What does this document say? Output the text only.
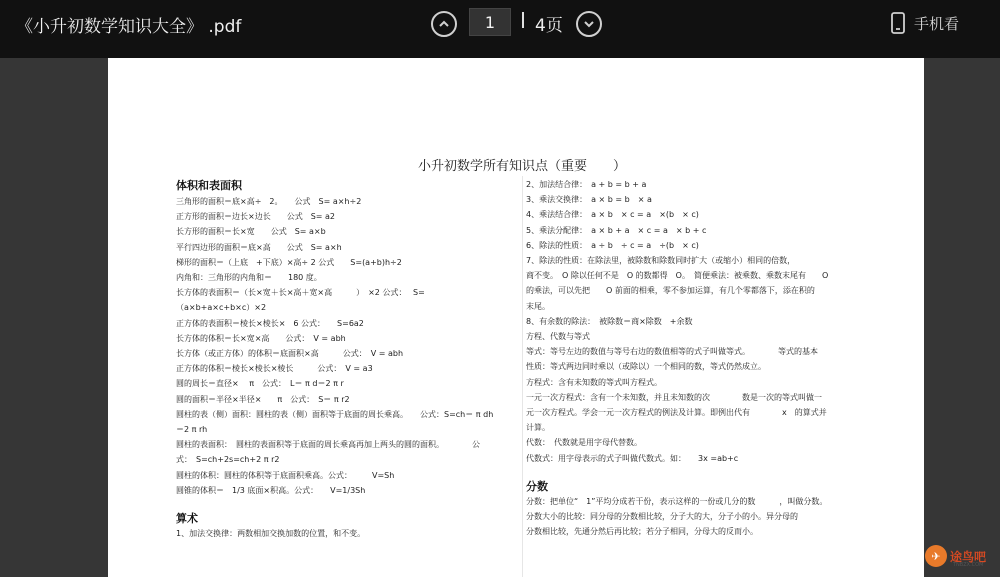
《小升初数学知识大全》 .pdf
1	4页	手机看
小升初数学所有知识点（重要　　）
体积和表面积
三角形的面积＝底×高÷　2。　　公式　S= a×h÷2
正方形的面积＝边长×边长　　公式　S= a2
长方形的面积＝长×宽　　公式　S= a×b
平行四边形的面积＝底×高　　公式　S= a×h
梯形的面积＝（上底　+下底）×高÷ 2 公式　　S=(a+b)h÷2
内角和：三角形的内角和＝　　180 度。
长方体的表面积＝（长×宽＋长×高＋宽×高　　　）　×2 公式：　 S=
（a×b+a×c+b×c）×2
正方体的表面积＝棱长×棱长×　6 公式：　　S=6a2
长方体的体积＝长×宽×高　　公式：　V = abh
长方体（或正方体）的体积＝底面积×高　　　公式：　V = abh
正方体的体积＝棱长×棱长×棱长　　　公式：　V = a3
圆的周长＝直径×　 π　公式：　L＝ π d＝2 π r
圆的面积＝半径×半径×　　π　公式：　S＝ π r2
圆柱的表（侧）面积：圆柱的表（侧）面积等于底面的周长乘高。　　公式：S=ch＝ π dh
＝2 π rh
圆柱的表面积：　圆柱的表面积等于底面的周长乘高再加上两头的圆的面积。　　　　公
式：　S=ch+2s=ch+2 π r2
圆柱的体积：圆柱的体积等于底面积乘高。公式：　　　V=Sh
圆锥的体积＝　1/3 底面×积高。公式：　　V=1/3Sh
算术
1、加法交换律：两数相加交换加数的位置，和不变。
2、加法结合律：　a + b = b + a
3、乘法交换律：　a × b = b　× a
4、乘法结合律：　a × b　× c = a　×(b　× c)
5、乘法分配律：　a × b + a　× c = a　× b + c
6、除法的性质：　a ÷ b　÷ c = a　÷(b　× c)
7、除法的性质：在除法里，被除数和除数同时扩大（或缩小）相同的倍数，
商不变。　O 除以任何不是　O 的数都得　O。　简便乘法：被乘数、乘数末尾有　　O
的乘法，可以先把　　O 前面的相乘，零不参加运算，有几个零都落下，添在积的
末尾。
8、有余数的除法：　被除数＝商×除数　+余数
方程、代数与等式
等式：等号左边的数值与等号右边的数值相等的式子叫做等式。　　　　等式的基本
性质：等式两边同时乘以（或除以）一个相同的数，等式仍然成立。
方程式：含有未知数的等式叫方程式。
一元一次方程式：含有一个未知数，并且未知数的次　　　　数是一次的等式叫做一
元一次方程式。学会一元一次方程式的例法及计算。即例出代有　　　　x　的算式并
计算。
代数：　代数就是用字母代替数。
代数式：用字母表示的式子叫做代数式。如：　　3x =ab+c
分数
分数：把单位“　1”平均分成若干份，表示这样的一份或几分的数　　　，叫做分数。
分数大小的比较：同分母的分数相比较，分子大的大，分子小的小。异分母的
分数相比较，先通分然后再比较；若分子相同，分母大的反而小。
✈ 途鸟吧
TNBZX.COM
